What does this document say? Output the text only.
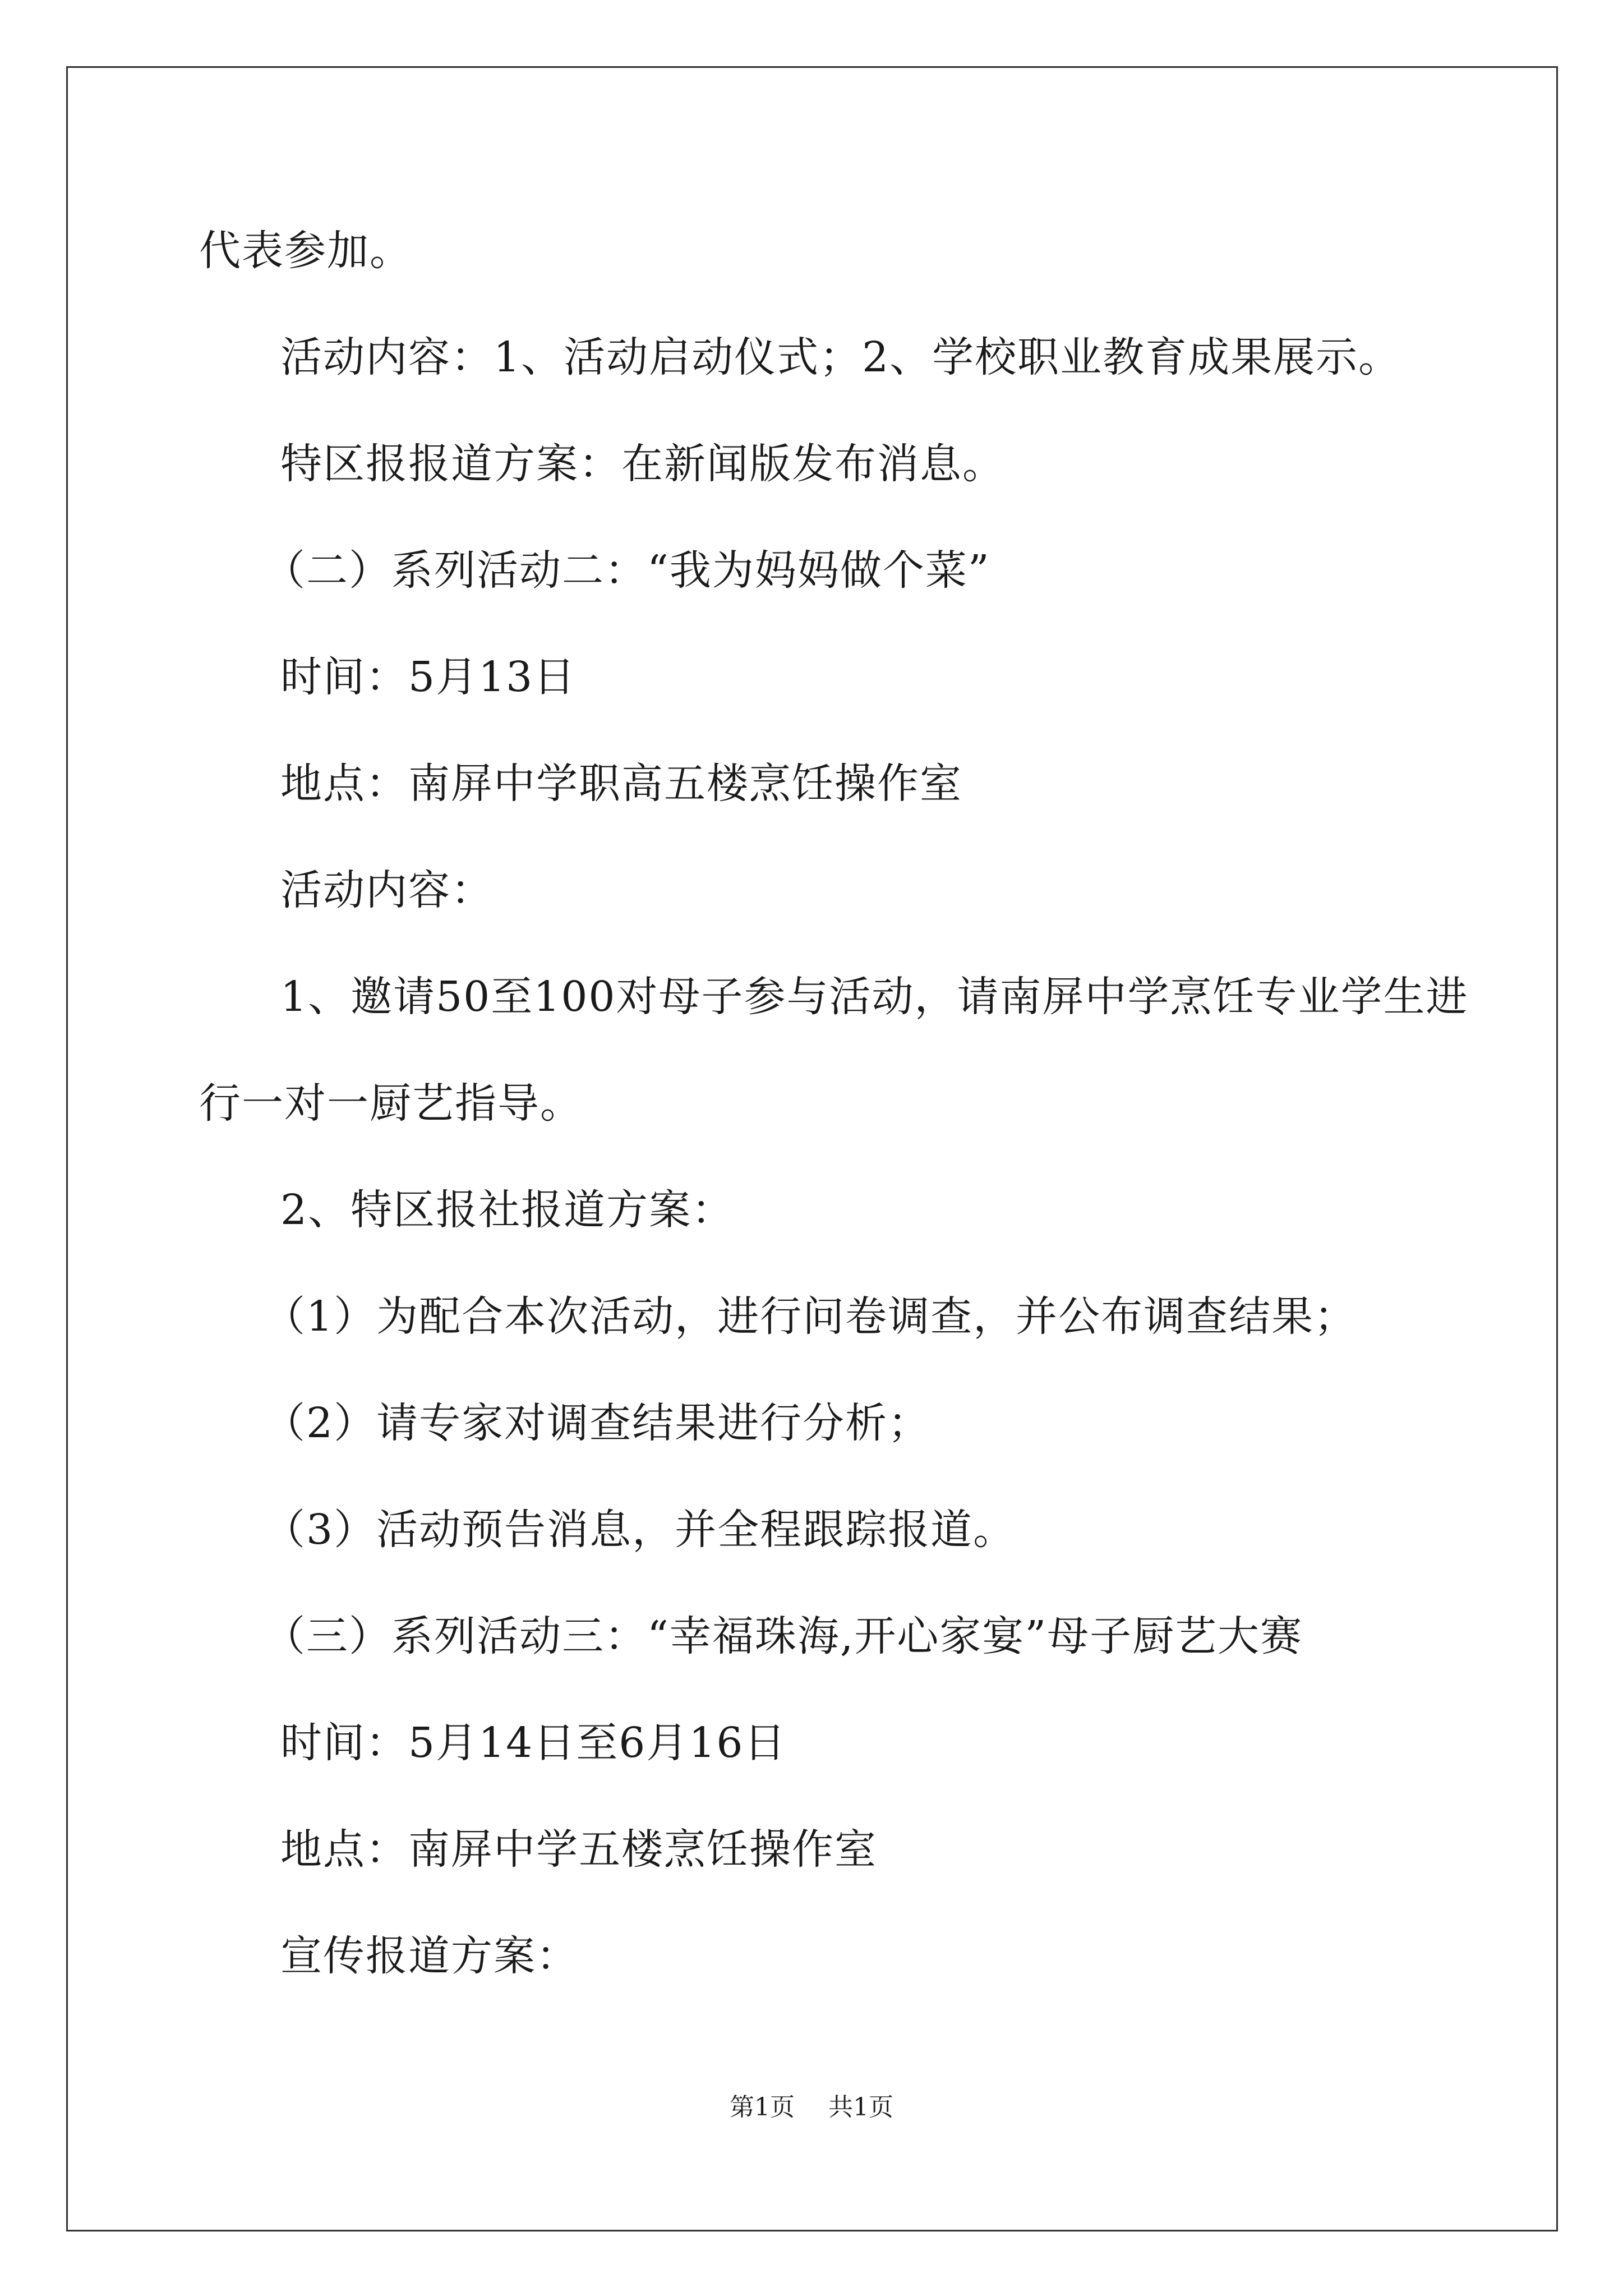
代表参加。
活动内容：1、活动启动仪式；2、学校职业教育成果展示。
特区报报道方案：在新闻版发布消息。
（二）系列活动二：“我为妈妈做个菜”
时间：5月13日
地点：南屏中学职高五楼烹饪操作室
活动内容：
1、邀请50至100对母子参与活动，请南屏中学烹饪专业学生进
行一对一厨艺指导。
2、特区报社报道方案：
（1）为配合本次活动，进行问卷调查，并公布调查结果；
（2）请专家对调查结果进行分析；
（3）活动预告消息，并全程跟踪报道。
（三）系列活动三：“幸福珠海,开心家宴”母子厨艺大赛
时间：5月14日至6月16日
地点：南屏中学五楼烹饪操作室
宣传报道方案：
第1页 共1页
